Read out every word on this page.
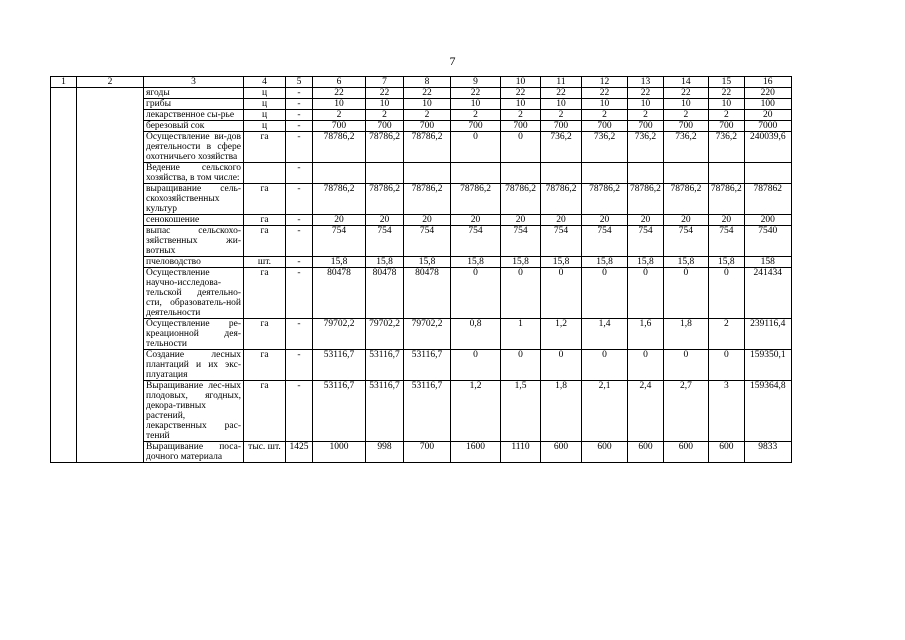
7
1	2	3	4	5	6	7	8	9	10	11	12	13	14	15	16
		ягоды	ц	-	22	22	22	22	22	22	22	22	22	22	220
		грибы	ц	-	10	10	10	10	10	10	10	10	10	10	100
		лекарственное сы-рье	ц	-	2	2	2	2	2	2	2	2	2	2	20
		березовый сок	ц	-	700	700	700	700	700	700	700	700	700	700	7000
		Осуществление ви-дов деятельности в сфере охотничьего хозяйства	га	-	78786,2	78786,2	78786,2	0	0	736,2	736,2	736,2	736,2	736,2	240039,6
		Ведение сельского хозяйства, в том числе:		-											
		выращивание сель-скохозяйственных культур	га	-	78786,2	78786,2	78786,2	78786,2	78786,2	78786,2	78786,2	78786,2	78786,2	78786,2	787862
		сенокошение	га	-	20	20	20	20	20	20	20	20	20	20	200
		выпас сельскохо-зяйственных жи-вотных	га	-	754	754	754	754	754	754	754	754	754	754	7540
		пчеловодство	шт.	-	15,8	15,8	15,8	15,8	15,8	15,8	15,8	15,8	15,8	15,8	158
		Осуществление научно-исследова-тельской деятельно-сти, образователь-ной деятельности	га	-	80478	80478	80478	0	0	0	0	0	0	0	241434
		Осуществление ре-креационной дея-тельности	га	-	79702,2	79702,2	79702,2	0,8	1	1,2	1,4	1,6	1,8	2	239116,4
		Создание лесных плантаций и их экс-плуатация	га	-	53116,7	53116,7	53116,7	0	0	0	0	0	0	0	159350,1
		Выращивание лес-ных плодовых, ягодных, декора-тивных растений, лекарственных рас-тений	га	-	53116,7	53116,7	53116,7	1,2	1,5	1,8	2,1	2,4	2,7	3	159364,8
		Выращивание поса-дочного материала	тыс. шт.	1425	1000	998	700	1600	1110	600	600	600	600	600	9833
